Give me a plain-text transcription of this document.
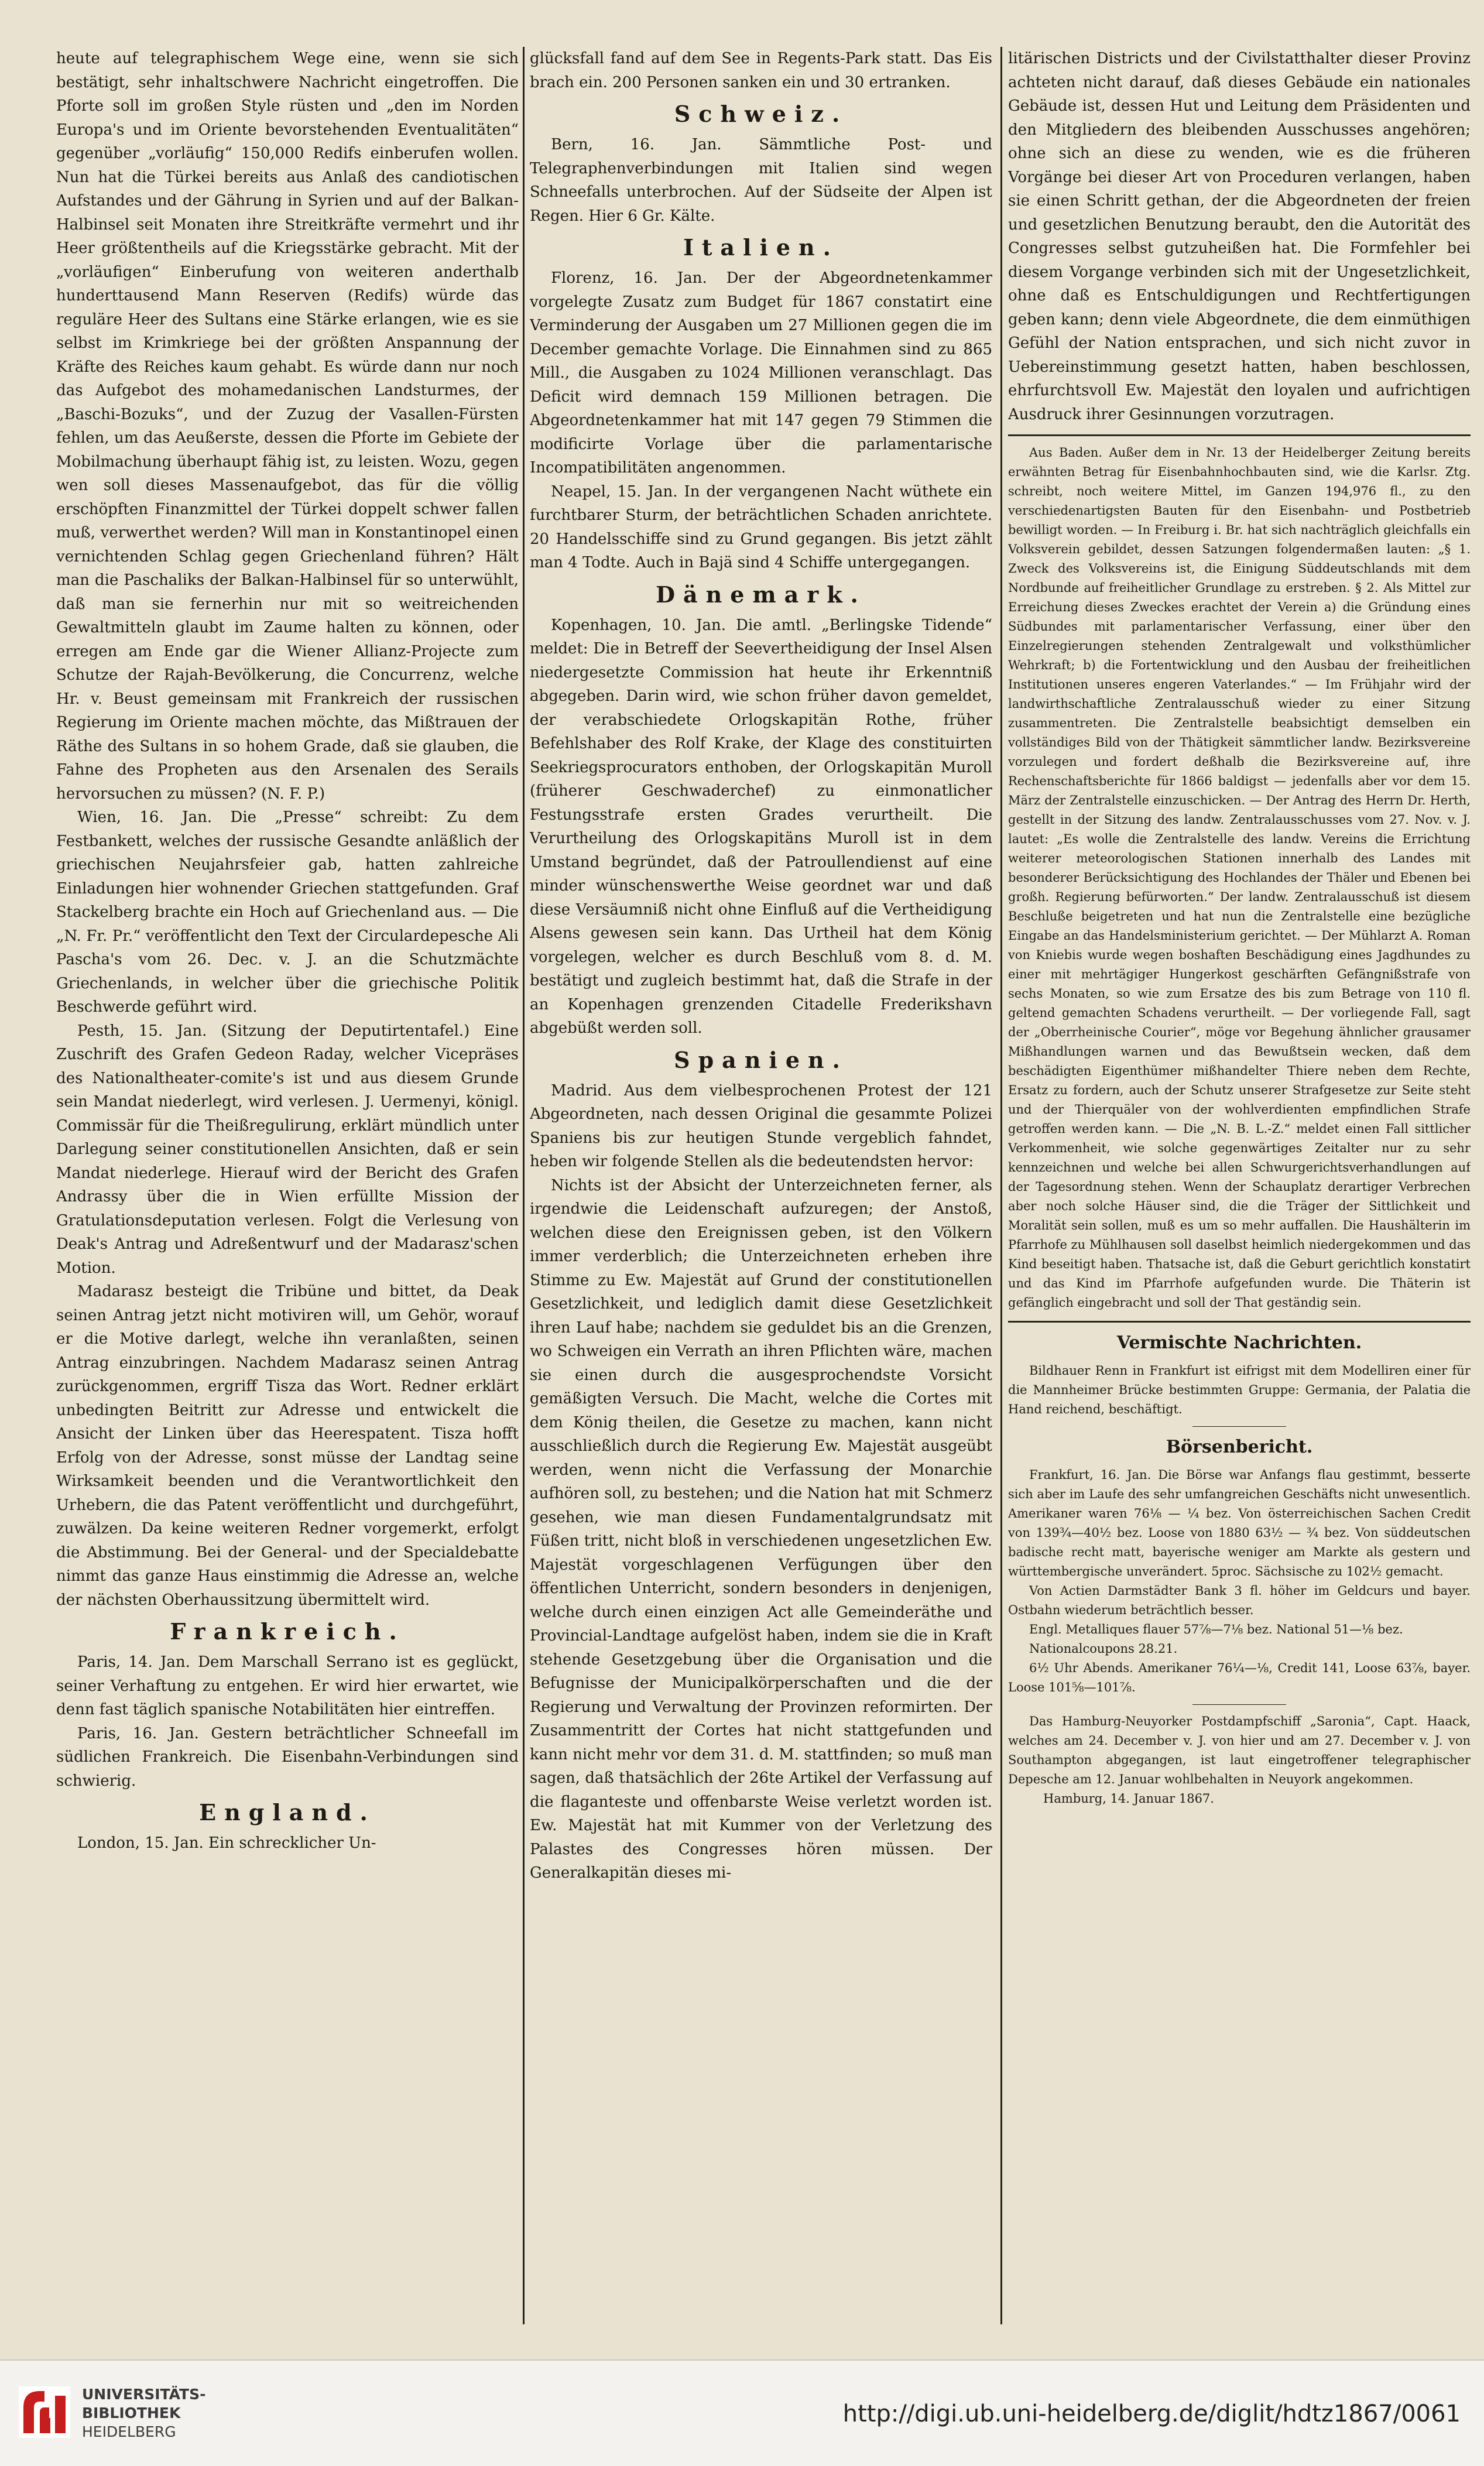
heute auf telegraphischem Wege eine, wenn sie sich bestätigt, sehr inhaltschwere Nachricht eingetroffen. Die Pforte soll im großen Style rüsten und „den im Norden Europa's und im Oriente bevorstehenden Eventualitäten“ gegenüber „vorläufig“ 150,000 Redifs einberufen wollen. Nun hat die Türkei bereits aus Anlaß des candiotischen Aufstandes und der Gährung in Syrien und auf der Balkan-Halbinsel seit Monaten ihre Streitkräfte vermehrt und ihr Heer größtentheils auf die Kriegsstärke gebracht. Mit der „vorläufigen“ Einberufung von weiteren anderthalb hunderttausend Mann Reserven (Redifs) würde das reguläre Heer des Sultans eine Stärke erlangen, wie es sie selbst im Krimkriege bei der größten Anspannung der Kräfte des Reiches kaum gehabt. Es würde dann nur noch das Aufgebot des mohamedanischen Landsturmes, der „Baschi-Bozuks“, und der Zuzug der Vasallen-Fürsten fehlen, um das Aeußerste, dessen die Pforte im Gebiete der Mobilmachung überhaupt fähig ist, zu leisten. Wozu, gegen wen soll dieses Massenaufgebot, das für die völlig erschöpften Finanzmittel der Türkei doppelt schwer fallen muß, verwerthet werden? Will man in Konstantinopel einen vernichtenden Schlag gegen Griechenland führen? Hält man die Paschaliks der Balkan-Halbinsel für so unterwühlt, daß man sie fernerhin nur mit so weitreichenden Gewaltmitteln glaubt im Zaume halten zu können, oder erregen am Ende gar die Wiener Allianz-Projecte zum Schutze der Rajah-Bevölkerung, die Concurrenz, welche Hr. v. Beust gemeinsam mit Frankreich der russischen Regierung im Oriente machen möchte, das Mißtrauen der Räthe des Sultans in so hohem Grade, daß sie glauben, die Fahne des Propheten aus den Arsenalen des Serails hervorsuchen zu müssen? (N. F. P.)

Wien, 16. Jan. Die „Presse“ schreibt: Zu dem Festbankett, welches der russische Gesandte anläßlich der griechischen Neujahrsfeier gab, hatten zahlreiche Einladungen hier wohnender Griechen stattgefunden. Graf Stackelberg brachte ein Hoch auf Griechenland aus. — Die „N. Fr. Pr.“ veröffentlicht den Text der Circulardepesche Ali Pascha's vom 26. Dec. v. J. an die Schutzmächte Griechenlands, in welcher über die griechische Politik Beschwerde geführt wird.

Pesth, 15. Jan. (Sitzung der Deputirtentafel.) Eine Zuschrift des Grafen Gedeon Raday, welcher Vicepräses des Nationaltheater-comite's ist und aus diesem Grunde sein Mandat niederlegt, wird verlesen. J. Uermenyi, königl. Commissär für die Theißregulirung, erklärt mündlich unter Darlegung seiner constitutionellen Ansichten, daß er sein Mandat niederlege. Hierauf wird der Bericht des Grafen Andrassy über die in Wien erfüllte Mission der Gratulationsdeputation verlesen. Folgt die Verlesung von Deak's Antrag und Adreßentwurf und der Madarasz'schen Motion.

Madarasz besteigt die Tribüne und bittet, da Deak seinen Antrag jetzt nicht motiviren will, um Gehör, worauf er die Motive darlegt, welche ihn veranlaßten, seinen Antrag einzubringen. Nachdem Madarasz seinen Antrag zurückgenommen, ergriff Tisza das Wort. Redner erklärt unbedingten Beitritt zur Adresse und entwickelt die Ansicht der Linken über das Heerespatent. Tisza hofft Erfolg von der Adresse, sonst müsse der Landtag seine Wirksamkeit beenden und die Verantwortlichkeit den Urhebern, die das Patent veröffentlicht und durchgeführt, zuwälzen. Da keine weiteren Redner vorgemerkt, erfolgt die Abstimmung. Bei der General- und der Specialdebatte nimmt das ganze Haus einstimmig die Adresse an, welche der nächsten Oberhaussitzung übermittelt wird.

Frankreich.

Paris, 14. Jan. Dem Marschall Serrano ist es geglückt, seiner Verhaftung zu entgehen. Er wird hier erwartet, wie denn fast täglich spanische Notabilitäten hier eintreffen.

Paris, 16. Jan. Gestern beträchtlicher Schneefall im südlichen Frankreich. Die Eisenbahn-Verbindungen sind schwierig.

England.

London, 15. Jan. Ein schrecklicher Un-

glücksfall fand auf dem See in Regents-Park statt. Das Eis brach ein. 200 Personen sanken ein und 30 ertranken.

Schweiz.

Bern, 16. Jan. Sämmtliche Post- und Telegraphenverbindungen mit Italien sind wegen Schneefalls unterbrochen. Auf der Südseite der Alpen ist Regen. Hier 6 Gr. Kälte.

Italien.

Florenz, 16. Jan. Der der Abgeordnetenkammer vorgelegte Zusatz zum Budget für 1867 constatirt eine Verminderung der Ausgaben um 27 Millionen gegen die im December gemachte Vorlage. Die Einnahmen sind zu 865 Mill., die Ausgaben zu 1024 Millionen veranschlagt. Das Deficit wird demnach 159 Millionen betragen. Die Abgeordnetenkammer hat mit 147 gegen 79 Stimmen die modificirte Vorlage über die parlamentarische Incompatibilitäten angenommen.

Neapel, 15. Jan. In der vergangenen Nacht wüthete ein furchtbarer Sturm, der beträchtlichen Schaden anrichtete. 20 Handelsschiffe sind zu Grund gegangen. Bis jetzt zählt man 4 Todte. Auch in Bajä sind 4 Schiffe untergegangen.

Dänemark.

Kopenhagen, 10. Jan. Die amtl. „Berlingske Tidende“ meldet: Die in Betreff der Seevertheidigung der Insel Alsen niedergesetzte Commission hat heute ihr Erkenntniß abgegeben. Darin wird, wie schon früher davon gemeldet, der verabschiedete Orlogskapitän Rothe, früher Befehlshaber des Rolf Krake, der Klage des constituirten Seekriegsprocurators enthoben, der Orlogskapitän Muroll (früherer Geschwaderchef) zu einmonatlicher Festungsstrafe ersten Grades verurtheilt. Die Verurtheilung des Orlogskapitäns Muroll ist in dem Umstand begründet, daß der Patroullendienst auf eine minder wünschenswerthe Weise geordnet war und daß diese Versäumniß nicht ohne Einfluß auf die Vertheidigung Alsens gewesen sein kann. Das Urtheil hat dem König vorgelegen, welcher es durch Beschluß vom 8. d. M. bestätigt und zugleich bestimmt hat, daß die Strafe in der an Kopenhagen grenzenden Citadelle Frederikshavn abgebüßt werden soll.

Spanien.

Madrid. Aus dem vielbesprochenen Protest der 121 Abgeordneten, nach dessen Original die gesammte Polizei Spaniens bis zur heutigen Stunde vergeblich fahndet, heben wir folgende Stellen als die bedeutendsten hervor:

Nichts ist der Absicht der Unterzeichneten ferner, als irgendwie die Leidenschaft aufzuregen; der Anstoß, welchen diese den Ereignissen geben, ist den Völkern immer verderblich; die Unterzeichneten erheben ihre Stimme zu Ew. Majestät auf Grund der constitutionellen Gesetzlichkeit, und lediglich damit diese Gesetzlichkeit ihren Lauf habe; nachdem sie geduldet bis an die Grenzen, wo Schweigen ein Verrath an ihren Pflichten wäre, machen sie einen durch die ausgesprochendste Vorsicht gemäßigten Versuch. Die Macht, welche die Cortes mit dem König theilen, die Gesetze zu machen, kann nicht ausschließlich durch die Regierung Ew. Majestät ausgeübt werden, wenn nicht die Verfassung der Monarchie aufhören soll, zu bestehen; und die Nation hat mit Schmerz gesehen, wie man diesen Fundamentalgrundsatz mit Füßen tritt, nicht bloß in verschiedenen ungesetzlichen Ew. Majestät vorgeschlagenen Verfügungen über den öffentlichen Unterricht, sondern besonders in denjenigen, welche durch einen einzigen Act alle Gemeinderäthe und Provincial-Landtage aufgelöst haben, indem sie die in Kraft stehende Gesetzgebung über die Organisation und die Befugnisse der Municipalkörperschaften und die der Regierung und Verwaltung der Provinzen reformirten. Der Zusammentritt der Cortes hat nicht stattgefunden und kann nicht mehr vor dem 31. d. M. stattfinden; so muß man sagen, daß thatsächlich der 26te Artikel der Verfassung auf die flaganteste und offenbarste Weise verletzt worden ist. Ew. Majestät hat mit Kummer von der Verletzung des Palastes des Congresses hören müssen. Der Generalkapitän dieses mi-

litärischen Districts und der Civilstatthalter dieser Provinz achteten nicht darauf, daß dieses Gebäude ein nationales Gebäude ist, dessen Hut und Leitung dem Präsidenten und den Mitgliedern des bleibenden Ausschusses angehören; ohne sich an diese zu wenden, wie es die früheren Vorgänge bei dieser Art von Proceduren verlangen, haben sie einen Schritt gethan, der die Abgeordneten der freien und gesetzlichen Benutzung beraubt, den die Autorität des Congresses selbst gutzuheißen hat. Die Formfehler bei diesem Vorgange verbinden sich mit der Ungesetzlichkeit, ohne daß es Entschuldigungen und Rechtfertigungen geben kann; denn viele Abgeordnete, die dem einmüthigen Gefühl der Nation entsprachen, und sich nicht zuvor in Uebereinstimmung gesetzt hatten, haben beschlossen, ehrfurchtsvoll Ew. Majestät den loyalen und aufrichtigen Ausdruck ihrer Gesinnungen vorzutragen.

Aus Baden. Außer dem in Nr. 13 der Heidelberger Zeitung bereits erwähnten Betrag für Eisenbahnhochbauten sind, wie die Karlsr. Ztg. schreibt, noch weitere Mittel, im Ganzen 194,976 fl., zu den verschiedenartigsten Bauten für den Eisenbahn- und Postbetrieb bewilligt worden. — In Freiburg i. Br. hat sich nachträglich gleichfalls ein Volksverein gebildet, dessen Satzungen folgendermaßen lauten: „§ 1. Zweck des Volksvereins ist, die Einigung Süddeutschlands mit dem Nordbunde auf freiheitlicher Grundlage zu erstreben. § 2. Als Mittel zur Erreichung dieses Zweckes erachtet der Verein a) die Gründung eines Südbundes mit parlamentarischer Verfassung, einer über den Einzelregierungen stehenden Zentralgewalt und volksthümlicher Wehrkraft; b) die Fortentwicklung und den Ausbau der freiheitlichen Institutionen unseres engeren Vaterlandes.“ — Im Frühjahr wird der landwirthschaftliche Zentralausschuß wieder zu einer Sitzung zusammentreten. Die Zentralstelle beabsichtigt demselben ein vollständiges Bild von der Thätigkeit sämmtlicher landw. Bezirksvereine vorzulegen und fordert deßhalb die Bezirksvereine auf, ihre Rechenschaftsberichte für 1866 baldigst — jedenfalls aber vor dem 15. März der Zentralstelle einzuschicken. — Der Antrag des Herrn Dr. Herth, gestellt in der Sitzung des landw. Zentralausschusses vom 27. Nov. v. J. lautet: „Es wolle die Zentralstelle des landw. Vereins die Errichtung weiterer meteorologischen Stationen innerhalb des Landes mit besonderer Berücksichtigung des Hochlandes der Thäler und Ebenen bei großh. Regierung befürworten.“ Der landw. Zentralausschuß ist diesem Beschluße beigetreten und hat nun die Zentralstelle eine bezügliche Eingabe an das Handelsministerium gerichtet. — Der Mühlarzt A. Roman von Kniebis wurde wegen boshaften Beschädigung eines Jagdhundes zu einer mit mehrtägiger Hungerkost geschärften Gefängnißstrafe von sechs Monaten, so wie zum Ersatze des bis zum Betrage von 110 fl. geltend gemachten Schadens verurtheilt. — Der vorliegende Fall, sagt der „Oberrheinische Courier“, möge vor Begehung ähnlicher grausamer Mißhandlungen warnen und das Bewußtsein wecken, daß dem beschädigten Eigenthümer mißhandelter Thiere neben dem Rechte, Ersatz zu fordern, auch der Schutz unserer Strafgesetze zur Seite steht und der Thierquäler von der wohlverdienten empfindlichen Strafe getroffen werden kann. — Die „N. B. L.-Z.“ meldet einen Fall sittlicher Verkommenheit, wie solche gegenwärtiges Zeitalter nur zu sehr kennzeichnen und welche bei allen Schwurgerichtsverhandlungen auf der Tagesordnung stehen. Wenn der Schauplatz derartiger Verbrechen aber noch solche Häuser sind, die die Träger der Sittlichkeit und Moralität sein sollen, muß es um so mehr auffallen. Die Haushälterin im Pfarrhofe zu Mühlhausen soll daselbst heimlich niedergekommen und das Kind beseitigt haben. Thatsache ist, daß die Geburt gerichtlich konstatirt und das Kind im Pfarrhofe aufgefunden wurde. Die Thäterin ist gefänglich eingebracht und soll der That geständig sein.

Vermischte Nachrichten.

Bildhauer Renn in Frankfurt ist eifrigst mit dem Modelliren einer für die Mannheimer Brücke bestimmten Gruppe: Germania, der Palatia die Hand reichend, beschäftigt.

Börsenbericht.

Frankfurt, 16. Jan. Die Börse war Anfangs flau gestimmt, besserte sich aber im Laufe des sehr umfangreichen Geschäfts nicht unwesentlich. Amerikaner waren 76⅛ — ¼ bez. Von österreichischen Sachen Credit von 139¾—40½ bez. Loose von 1880 63½ — ¾ bez. Von süddeutschen badische recht matt, bayerische weniger am Markte als gestern und württembergische unverändert. 5proc. Sächsische zu 102½ gemacht.

Von Actien Darmstädter Bank 3 fl. höher im Geldcurs und bayer. Ostbahn wiederum beträchtlich besser.

Engl. Metalliques flauer 57⅞—7⅛ bez. National 51—⅛ bez.

Nationalcoupons 28.21.

6½ Uhr Abends. Amerikaner 76¼—⅛, Credit 141, Loose 63⅞, bayer. Loose 101⅝—101⅞.

Das Hamburg-Neuyorker Postdampfschiff „Saronia“, Capt. Haack, welches am 24. December v. J. von hier und am 27. December v. J. von Southampton abgegangen, ist laut eingetroffener telegraphischer Depesche am 12. Januar wohlbehalten in Neuyork angekommen.

Hamburg, 14. Januar 1867.

UNIVERSITÄTS-
BIBLIOTHEK
HEIDELBERG
http://digi.ub.uni-heidelberg.de/diglit/hdtz1867/0061
